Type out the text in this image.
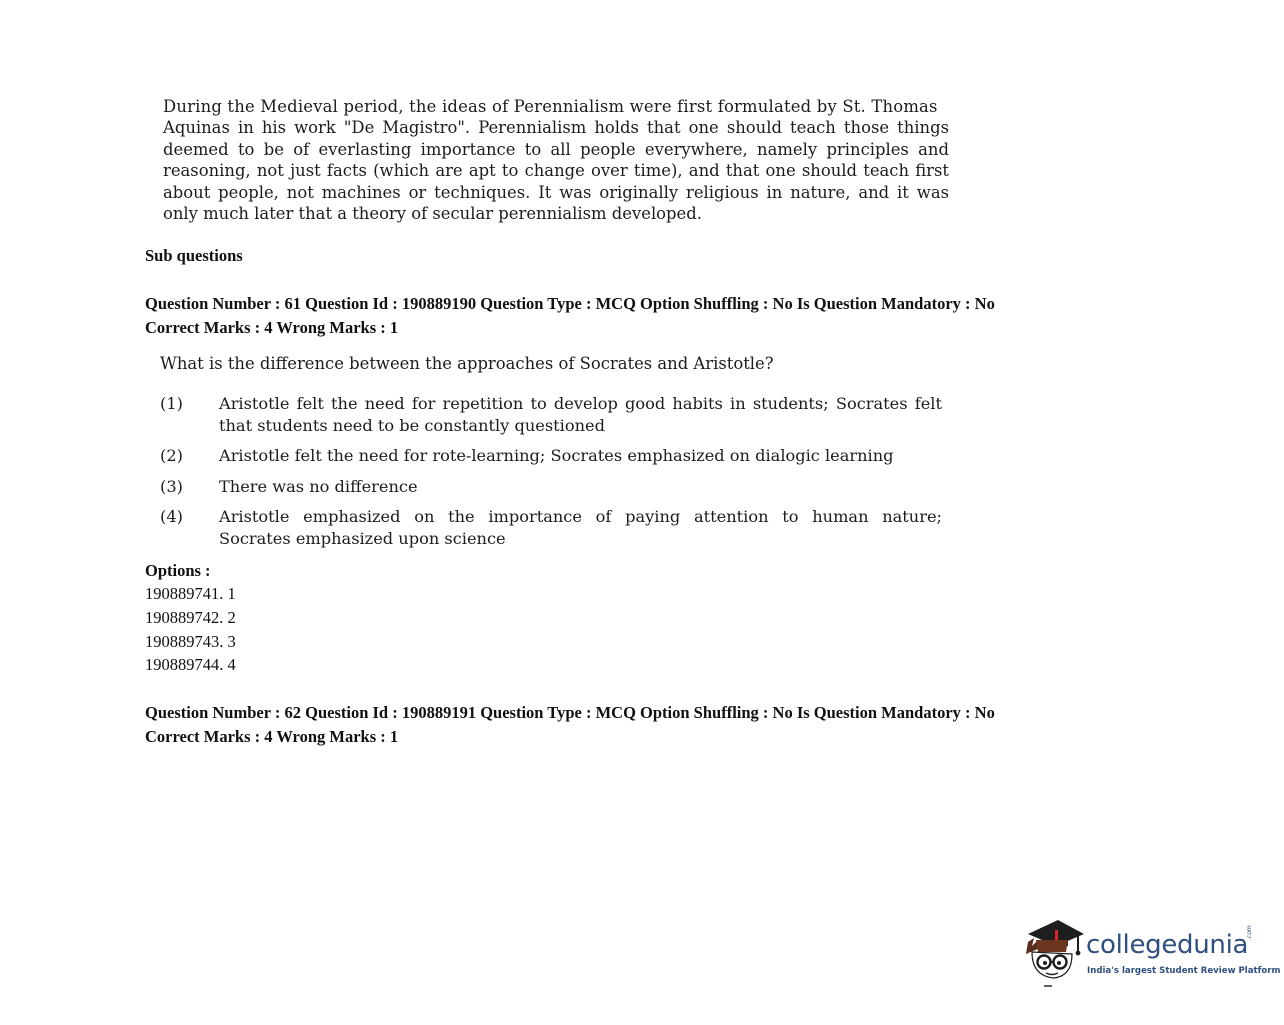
During the Medieval period, the ideas of Perennialism were first formulated by St. Thomas
Aquinas in his work "De Magistro". Perennialism holds that one should teach those things
deemed to be of everlasting importance to all people everywhere, namely principles and
reasoning, not just facts (which are apt to change over time), and that one should teach first
about people, not machines or techniques. It was originally religious in nature, and it was
only much later that a theory of secular perennialism developed.
Sub questions
Question Number : 61 Question Id : 190889190 Question Type : MCQ Option Shuffling : No Is Question Mandatory : No
Correct Marks : 4 Wrong Marks : 1
What is the difference between the approaches of Socrates and Aristotle?
(1) Aristotle felt the need for repetition to develop good habits in students; Socrates felt
that students need to be constantly questioned
(2) Aristotle felt the need for rote-learning; Socrates emphasized on dialogic learning
(3) There was no difference
(4) Aristotle emphasized on the importance of paying attention to human nature;
Socrates emphasized upon science
Options :
190889741. 1
190889742. 2
190889743. 3
190889744. 4
Question Number : 62 Question Id : 190889191 Question Type : MCQ Option Shuffling : No Is Question Mandatory : No
Correct Marks : 4 Wrong Marks : 1
collegedunia
.com
India's largest Student Review Platform
